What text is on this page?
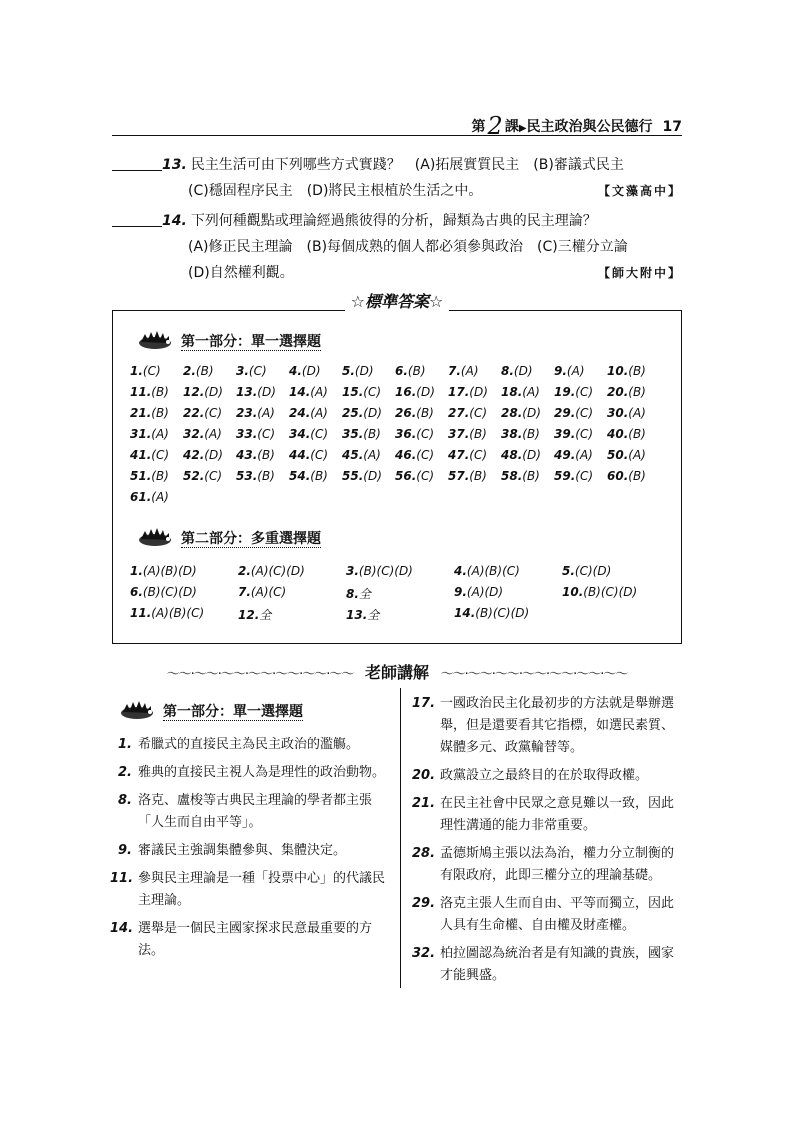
第2 課▶民主政治與公民德行 17
13. 民主生活可由下列哪些方式實踐？　(A)拓展實質民主　(B)審議式民主
(C)穩固程序民主　(D)將民主根植於生活之中。	【文藻高中】
14. 下列何種觀點或理論經過熊彼得的分析，歸類為古典的民主理論？
(A)修正民主理論　(B)每個成熟的個人都必須參與政治　(C)三權分立論
(D)自然權利觀。	【師大附中】
☆標準答案☆
第一部分：單一選擇題
1.(C) 2.(B) 3.(C) 4.(D) 5.(D) 6.(B) 7.(A) 8.(D) 9.(A) 10.(B)
11.(B) 12.(D) 13.(D) 14.(A) 15.(C) 16.(D) 17.(D) 18.(A) 19.(C) 20.(B)
21.(B) 22.(C) 23.(A) 24.(A) 25.(D) 26.(B) 27.(C) 28.(D) 29.(C) 30.(A)
31.(A) 32.(A) 33.(C) 34.(C) 35.(B) 36.(C) 37.(B) 38.(B) 39.(C) 40.(B)
41.(C) 42.(D) 43.(B) 44.(C) 45.(A) 46.(C) 47.(C) 48.(D) 49.(A) 50.(A)
51.(B) 52.(C) 53.(B) 54.(B) 55.(D) 56.(C) 57.(B) 58.(B) 59.(C) 60.(B)
61.(A)
第二部分：多重選擇題
1.(A)(B)(D)	2.(A)(C)(D)	3.(B)(C)(D)	4.(A)(B)(C)	5.(C)(D)
6.(B)(C)(D)	7.(A)(C)	8.全	9.(A)(D)	10.(B)(C)(D)
11.(A)(B)(C)	12.全	13.全	14.(B)(C)(D)
〜〜·〜〜·〜〜·〜〜·〜〜·〜〜·〜〜 老師講解 〜〜·〜〜·〜〜·〜〜·〜〜·〜〜·〜〜
第一部分：單一選擇題
1. 希臘式的直接民主為民主政治的濫觴。
2. 雅典的直接民主視人為是理性的政治動物。
8. 洛克、盧梭等古典民主理論的學者都主張「人生而自由平等」。
9. 審議民主強調集體參與、集體決定。
11. 參與民主理論是一種「投票中心」的代議民主理論。
14. 選舉是一個民主國家探求民意最重要的方法。
17. 一國政治民主化最初步的方法就是舉辦選舉，但是還要看其它指標，如選民素質、媒體多元、政黨輪替等。
20. 政黨設立之最終目的在於取得政權。
21. 在民主社會中民眾之意見難以一致，因此理性溝通的能力非常重要。
28. 孟德斯鳩主張以法為治，權力分立制衡的有限政府，此即三權分立的理論基礎。
29. 洛克主張人生而自由、平等而獨立，因此人具有生命權、自由權及財產權。
32. 柏拉圖認為統治者是有知識的貴族，國家才能興盛。
